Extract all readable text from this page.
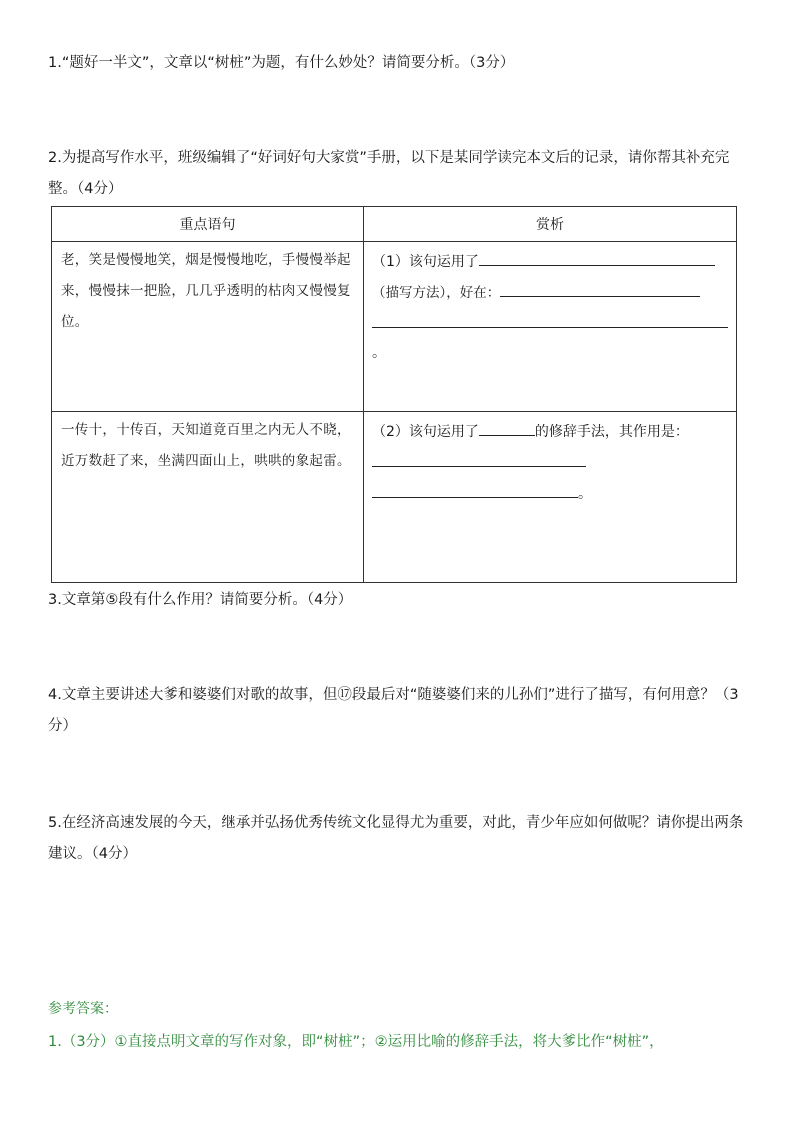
1.“题好一半文”，文章以“树桩”为题，有什么妙处？请简要分析。（3分）

2.为提高写作水平，班级编辑了“好词好句大家赏”手册，以下是某同学读完本文后的记录，请你帮其补充完整。（4分）

重点语句	赏析

老，笑是慢慢地笑，烟是慢慢地吃，手慢慢举起来，慢慢抹一把脸，几几乎透明的枯肉又慢慢复位。	（1）该句运用了
（描写方法），好在：
。

一传十，十传百，天知道竟百里之内无人不晓，近万数赶了来，坐满四面山上，哄哄的象起雷。	（2）该句运用了 的修辞手法，其作用是：
。

3.文章第⑤段有什么作用？请简要分析。（4分）

4.文章主要讲述大爹和婆婆们对歌的故事，但⑰段最后对“随婆婆们来的儿孙们”进行了描写，有何用意？（3分）

5.在经济高速发展的今天，继承并弘扬优秀传统文化显得尤为重要，对此，青少年应如何做呢？请你提出两条建议。（4分）

参考答案：

1.（3分）①直接点明文章的写作对象，即“树桩”；②运用比喻的修辞手法，将大爹比作“树桩”，
